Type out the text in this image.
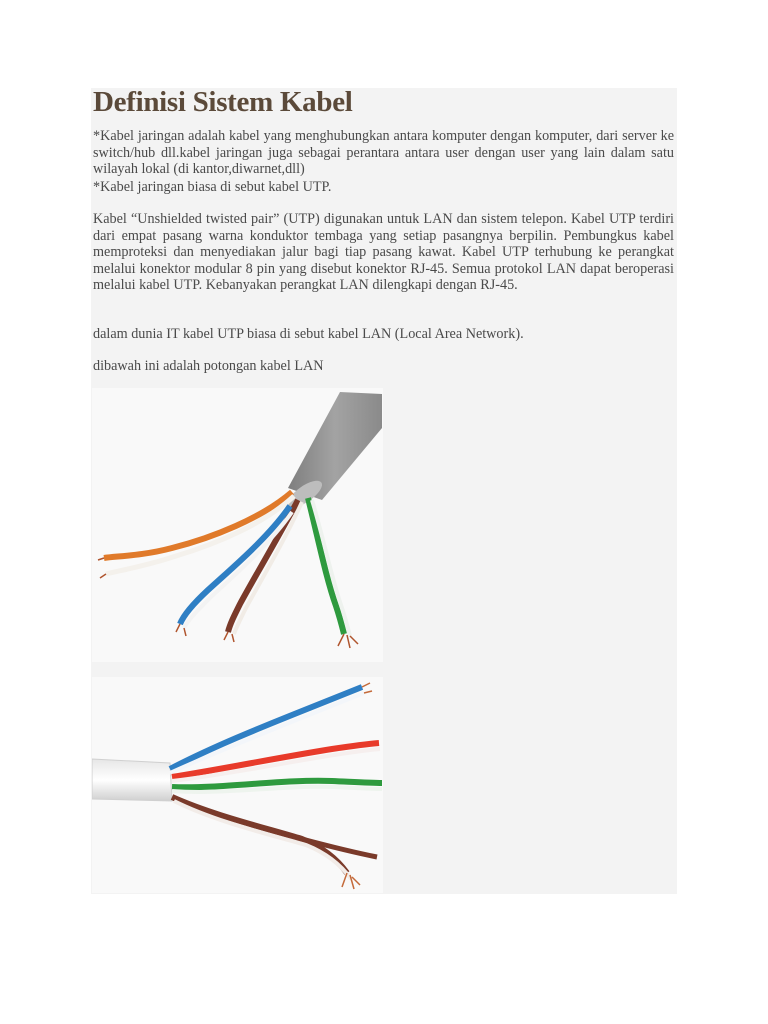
Definisi Sistem Kabel

*Kabel jaringan adalah kabel yang menghubungkan antara komputer dengan komputer, dari server ke switch/hub dll.kabel jaringan juga sebagai perantara antara user dengan user yang lain dalam satu wilayah lokal (di kantor,diwarnet,dll)

*Kabel jaringan biasa di sebut kabel UTP.

Kabel “Unshielded twisted pair” (UTP) digunakan untuk LAN dan sistem telepon. Kabel UTP terdiri dari empat pasang warna konduktor tembaga yang setiap pasangnya berpilin. Pembungkus kabel memproteksi dan menyediakan jalur bagi tiap pasang kawat. Kabel UTP terhubung ke perangkat melalui konektor modular 8 pin yang disebut konektor RJ-45. Semua protokol LAN dapat beroperasi melalui kabel UTP. Kebanyakan perangkat LAN dilengkapi dengan RJ-45.

dalam dunia IT kabel UTP biasa di sebut kabel LAN (Local Area Network).

dibawah ini adalah potongan kabel LAN
